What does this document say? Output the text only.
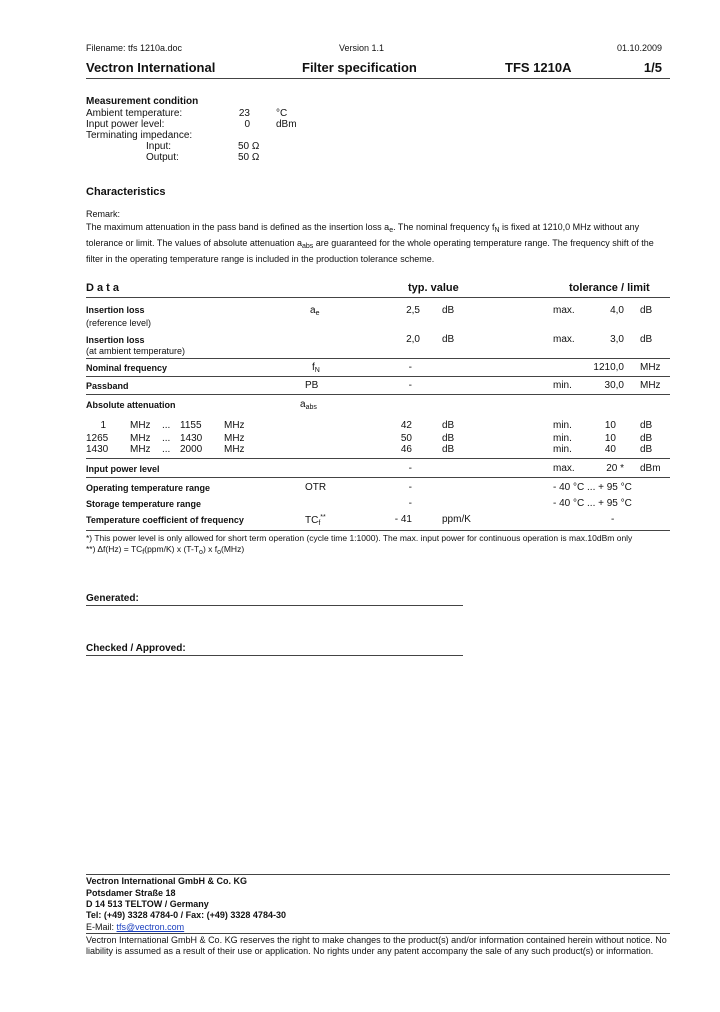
Filename: tfs 1210a.doc	Version 1.1	01.10.2009
Vectron International	Filter specification	TFS 1210A	1/5
Measurement condition
Ambient temperature:	23	°C
Input power level:	0	dBm
Terminating impedance:
Input:	50 Ω
Output:	50 Ω
Characteristics
Remark:
The maximum attenuation in the pass band is defined as the insertion loss $a_e$. The nominal frequency $f_N$ is fixed at 1210,0 MHz without any tolerance or limit. The values of absolute attenuation $a_{abs}$ are guaranteed for the whole operating temperature range. The frequency shift of the filter in the operating temperature range is included in the production tolerance scheme.
D a t a	typ. value	tolerance / limit
Insertion loss
(reference level)
$a_e$	2,5 dB	max.	4,0 dB
Insertion loss
(at ambient temperature)
2,0 dB	max.	3,0 dB
Nominal frequency	$f_N$	-	1210,0 MHz
Passband	PB	-	min.	30,0 MHz
Absolute attenuation	$a_{abs}$
1 MHz ... 1155 MHz	42	dB	min.	10 dB
1265 MHz ... 1430 MHz	50	dB	min.	10 dB
1430 MHz ... 2000 MHz	46	dB	min.	40 dB
Input power level	-	max.	20 * dBm
Operating temperature range	OTR	-	- 40 °C ... + 95 °C
Storage temperature range	-	- 40 °C ... + 95 °C
Temperature coefficient of frequency	$TC_f^{**}$	- 41	ppm/K	-
*) This power level is only allowed for short term operation (cycle time 1:1000). The max. input power for continuous operation is max.10dBm only
**) $\Delta f(Hz) = TC_f(ppm/K)$ x $(T-T_o)$ x $f_o(MHz)$
Generated:
Checked / Approved:
Vectron International GmbH & Co. KG
Potsdamer Straße 18
D 14 513 TELTOW / Germany
Tel: (+49) 3328 4784-0 / Fax: (+49) 3328 4784-30
E-Mail: tfs@vectron.com
Vectron International GmbH & Co. KG reserves the right to make changes to the product(s) and/or information contained herein without notice. No liability is assumed as a result of their use or application. No rights under any patent accompany the sale of any such product(s) or information.
